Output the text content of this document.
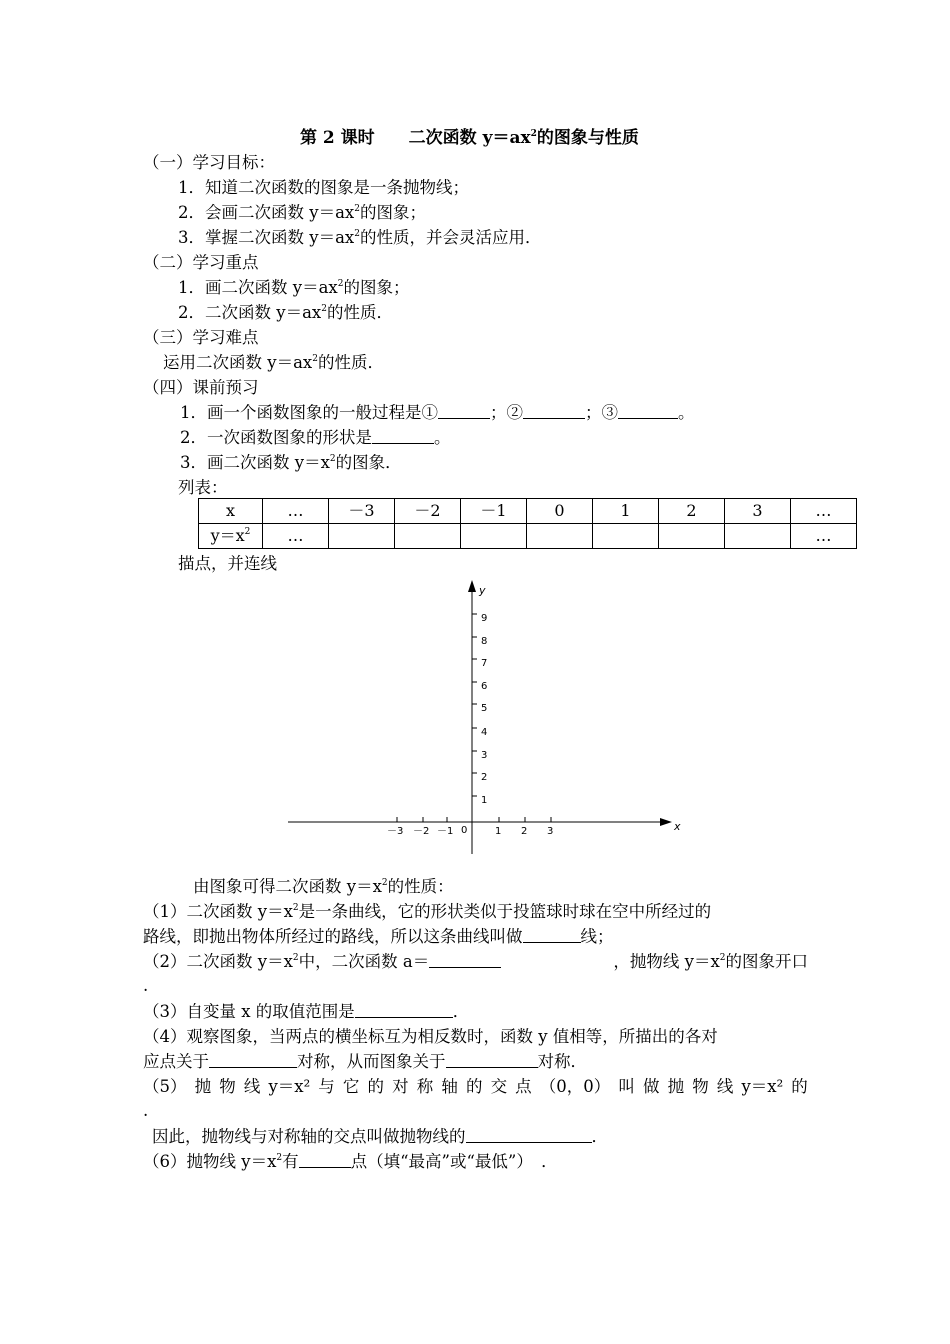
第 2 课时　　二次函数 $y=ax^2$的图象与性质
（一）学习目标：
1．知道二次函数的图象是一条抛物线；
2．会画二次函数 $y=ax^2$的图象；
3．掌握二次函数 $y=ax^2$的性质，并会灵活应用．
（二）学习重点
1．画二次函数 $y=ax^2$的图象；
2．二次函数 $y=ax^2$的性质．
（三）学习难点
运用二次函数 $y=ax^2$的性质．
（四）课前预习
1．画一个函数图象的一般过程是①	；②	；③	。
2．一次函数图象的形状是	。
3．画二次函数 $y=x^2$的图象．
列表：
x	…	－3	－2	－1	0	1	2	3	…
$y=x^2$	…								…
描点，并连线
y
x
0
1
2
3
4
5
6
7
8
9
－3 －2 －1	1 2 3
由图象可得二次函数 $y=x^2$的性质：
（1）二次函数 $y=x^2$是一条曲线，它的形状类似于投篮球时球在空中所经过的
路线，即抛出物体所经过的路线，所以这条曲线叫做	线；
（2）二次函数 $y=x^2$中，二次函数 a＝	，抛物线 $y=x^2$的图象开口
.
（3）自变量 x 的取值范围是	．
（4）观察图象，当两点的横坐标互为相反数时，函数 y 值相等，所描出的各对
应点关于	对称，从而图象关于	对称．
（5） 抛 物 线 y＝x² 与 它 的 对 称 轴 的 交 点 （0，0） 叫 做 抛 物 线 y＝x² 的
.
因此，抛物线与对称轴的交点叫做抛物线的	．
（6）抛物线 $y=x^2$有	点（填“最高”或“最低”）　．
